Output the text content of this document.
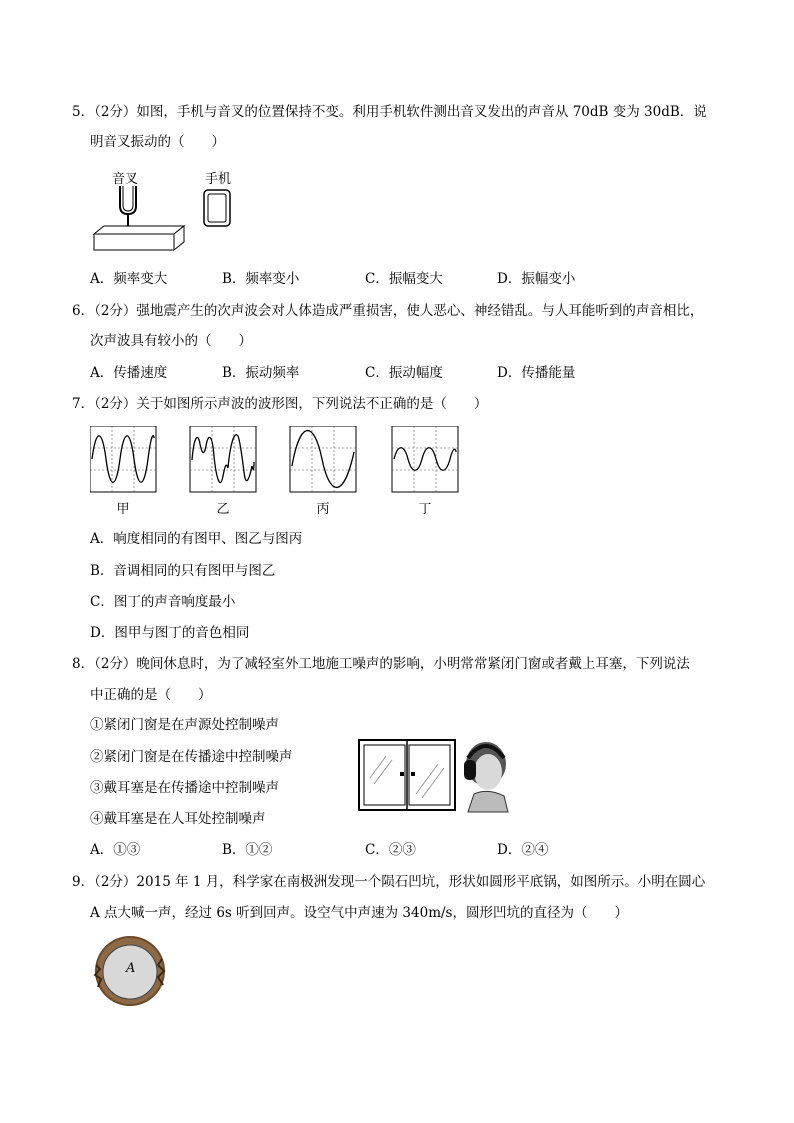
5．（2分）如图，手机与音叉的位置保持不变。利用手机软件测出音叉发出的声音从 70dB 变为 30dB．说
明音叉振动的（　　）
音叉	手机
A．频率变大	B．频率变小	C．振幅变大	D．振幅变小
6．（2分）强地震产生的次声波会对人体造成严重损害，使人恶心、神经错乱。与人耳能听到的声音相比，
次声波具有较小的（　　）
A．传播速度	B．振动频率	C．振动幅度	D．传播能量
7．（2分）关于如图所示声波的波形图，下列说法不正确的是（　　）
甲	乙	丙	丁
A．响度相同的有图甲、图乙与图丙
B．音调相同的只有图甲与图乙
C．图丁的声音响度最小
D．图甲与图丁的音色相同
8．（2分）晚间休息时，为了减轻室外工地施工噪声的影响，小明常常紧闭门窗或者戴上耳塞，下列说法
中正确的是（　　）
①紧闭门窗是在声源处控制噪声
②紧闭门窗是在传播途中控制噪声
③戴耳塞是在传播途中控制噪声
④戴耳塞是在人耳处控制噪声
A．①③	B．①②	C．②③	D．②④
9．（2分）2015 年 1 月，科学家在南极洲发现一个陨石凹坑，形状如圆形平底锅，如图所示。小明在圆心
A 点大喊一声，经过 6s 听到回声。设空气中声速为 340m/s，圆形凹坑的直径为（　　）
A
